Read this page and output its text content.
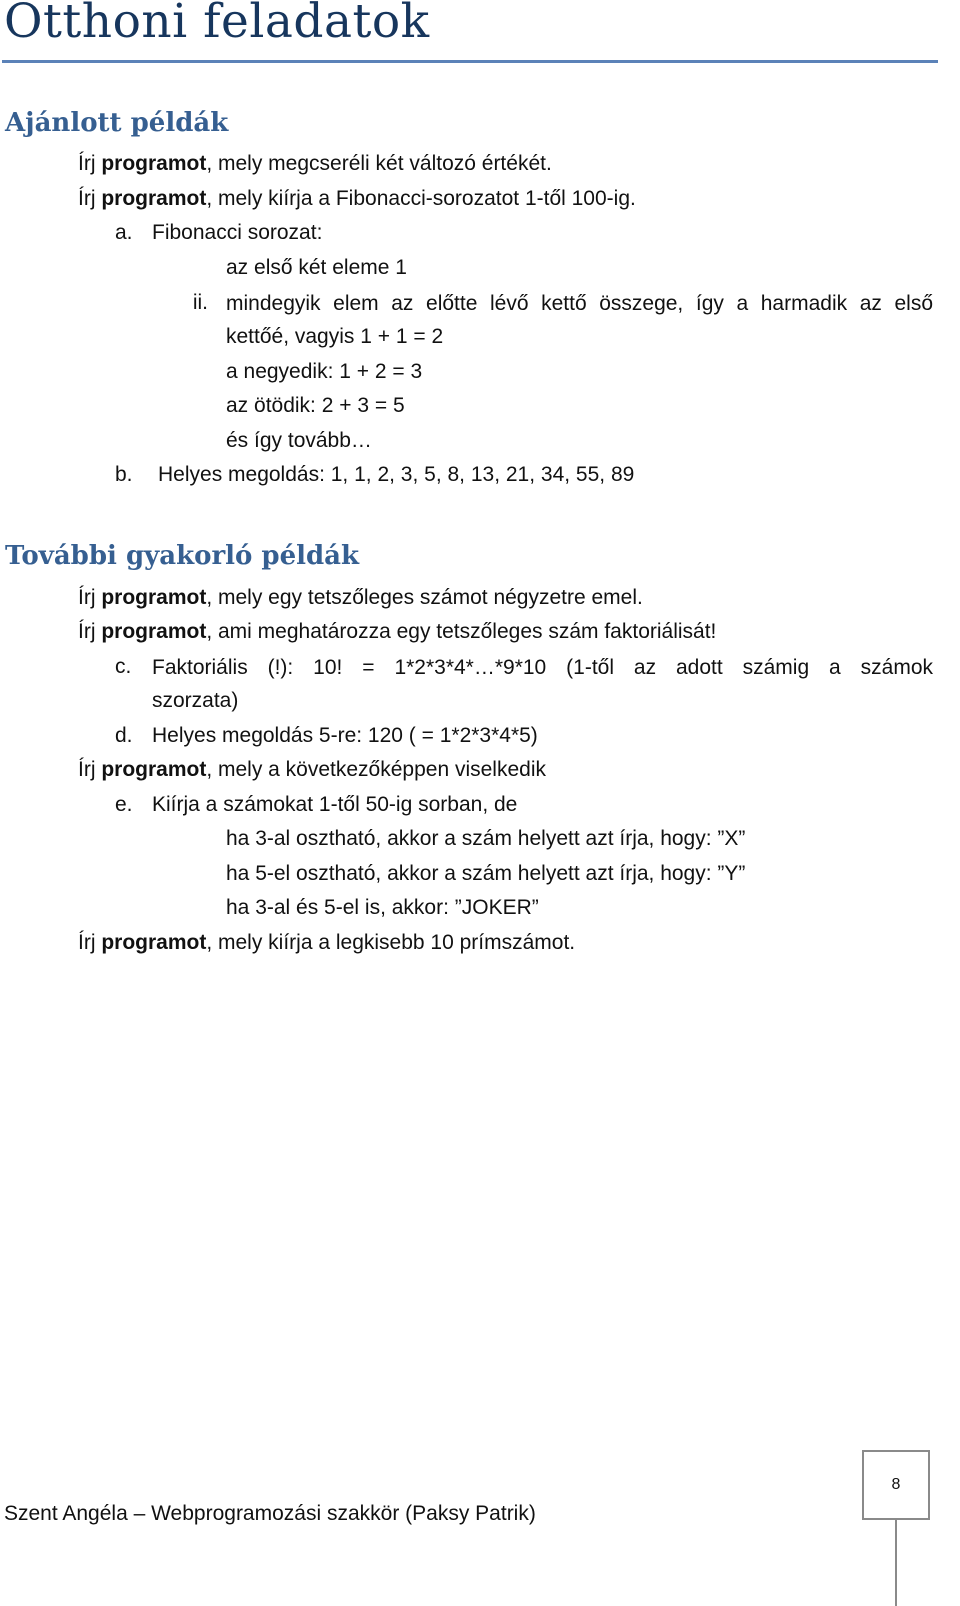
Otthoni feladatok
Ajánlott példák
Írj programot, mely megcseréli két változó értékét.
Írj programot, mely kiírja a Fibonacci-sorozatot 1-től 100-ig.
a. Fibonacci sorozat:
az első két eleme 1
ii. mindegyik elem az előtte lévő kettő összege, így a harmadik az első
kettőé, vagyis 1 + 1 = 2
a negyedik: 1 + 2 = 3
az ötödik: 2 + 3 = 5
és így tovább…
b. Helyes megoldás: 1, 1, 2, 3, 5, 8, 13, 21, 34, 55, 89
További gyakorló példák
Írj programot, mely egy tetszőleges számot négyzetre emel.
Írj programot, ami meghatározza egy tetszőleges szám faktoriálisát!
c. Faktoriális (!): 10! = 1*2*3*4*…*9*10 (1-től az adott számig a számok
szorzata)
d. Helyes megoldás 5-re: 120 ( = 1*2*3*4*5)
Írj programot, mely a következőképpen viselkedik
e. Kiírja a számokat 1-től 50-ig sorban, de
ha 3-al osztható, akkor a szám helyett azt írja, hogy: ”X”
ha 5-el osztható, akkor a szám helyett azt írja, hogy: ”Y”
ha 3-al és 5-el is, akkor: ”JOKER”
Írj programot, mely kiírja a legkisebb 10 prímszámot.
Szent Angéla – Webprogramozási szakkör (Paksy Patrik)
8
